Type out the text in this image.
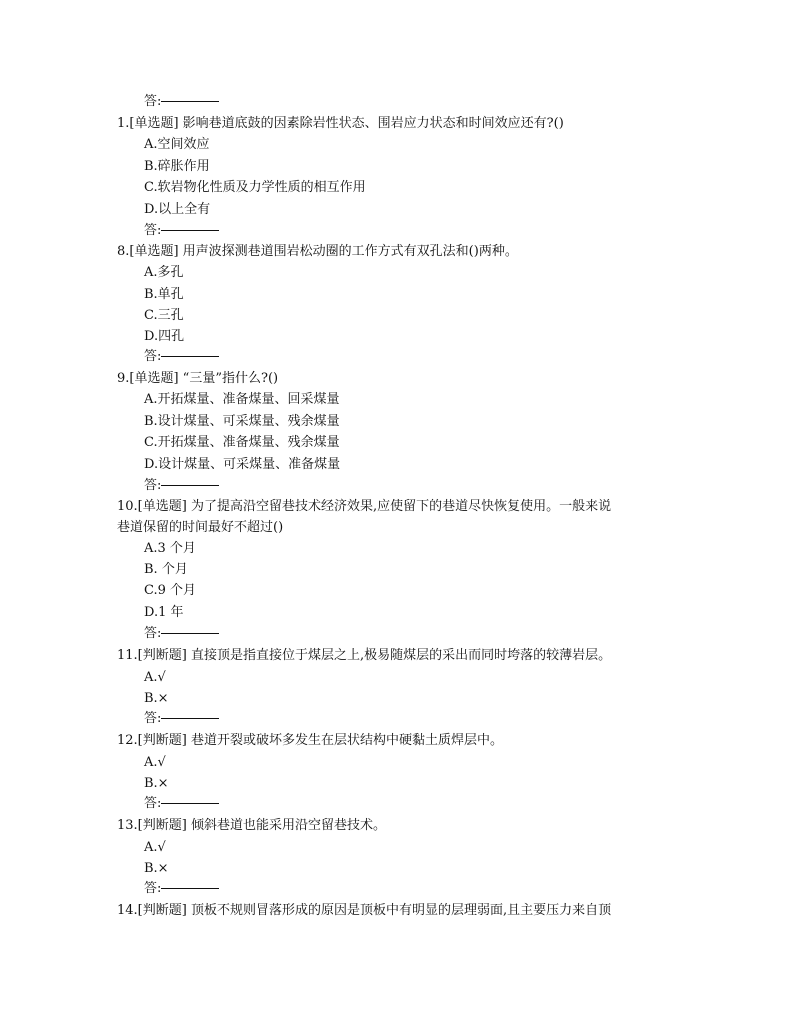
答:
1.[单选题] 影响巷道底鼓的因素除岩性状态、围岩应力状态和时间效应还有?()
A.空间效应
B.碎胀作用
C.软岩物化性质及力学性质的相互作用
D.以上全有
答:
8.[单选题] 用声波探测巷道围岩松动圈的工作方式有双孔法和()两种。
A.多孔
B.单孔
C.三孔
D.四孔
答:
9.[单选题] “三量”指什么?()
A.开拓煤量、准备煤量、回采煤量
B.设计煤量、可采煤量、残余煤量
C.开拓煤量、准备煤量、残余煤量
D.设计煤量、可采煤量、准备煤量
答:
10.[单选题] 为了提高沿空留巷技术经济效果,应使留下的巷道尽快恢复使用。一般来说
巷道保留的时间最好不超过()
A.3 个月
B. 个月
C.9 个月
D.1 年
答:
11.[判断题] 直接顶是指直接位于煤层之上,极易随煤层的采出而同时垮落的较薄岩层。
A.√
B.×
答:
12.[判断题] 巷道开裂或破坏多发生在层状结构中硬黏土质焊层中。
A.√
B.×
答:
13.[判断题] 倾斜巷道也能采用沿空留巷技术。
A.√
B.×
答:
14.[判断题] 顶板不规则冒落形成的原因是顶板中有明显的层理弱面,且主要压力来自顶
